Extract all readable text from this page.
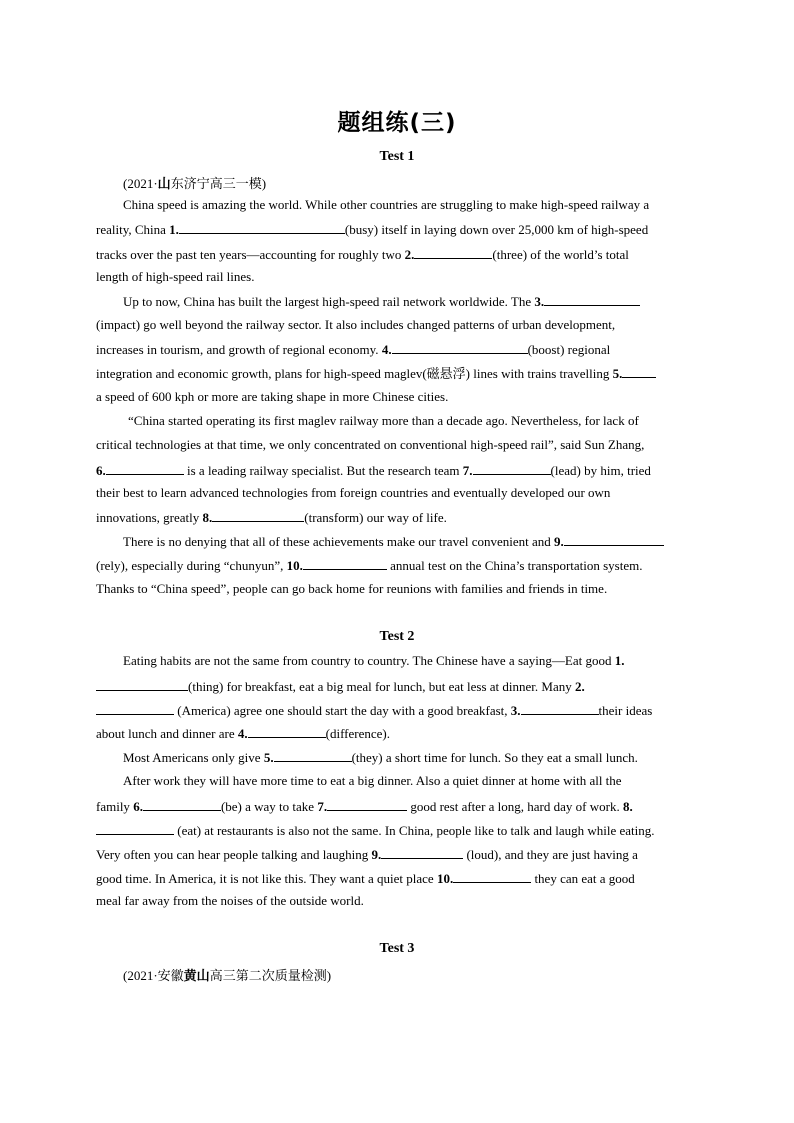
题组练(三)
Test 1
(2021·山东济宁高三一模)
China speed is amazing the world. While other countries are struggling to make high-speed railway a
reality, China 1.	(busy) itself in laying down over 25,000 km of high-speed
tracks over the past ten years—accounting for roughly two 2.	(three) of the world’s total
length of high-speed rail lines.
Up to now, China has built the largest high-speed rail network worldwide. The 3.
(impact) go well beyond the railway sector. It also includes changed patterns of urban development,
increases in tourism, and growth of regional economy. 4.	(boost) regional
integration and economic growth, plans for high-speed maglev(磁悬浮) lines with trains travelling 5.
a speed of 600 kph or more are taking shape in more Chinese cities.
“China started operating its first maglev railway more than a decade ago. Nevertheless, for lack of
critical technologies at that time, we only concentrated on conventional high-speed rail”, said Sun Zhang,
6.	is a leading railway specialist. But the research team 7.	(lead) by him, tried
their best to learn advanced technologies from foreign countries and eventually developed our own
innovations, greatly 8.	(transform) our way of life.
There is no denying that all of these achievements make our travel convenient and 9.
(rely), especially during “chunyun”, 10.	annual test on the China’s transportation system.
Thanks to “China speed”, people can go back home for reunions with families and friends in time.
Test 2
Eating habits are not the same from country to country. The Chinese have a saying—Eat good 1.
(thing) for breakfast, eat a big meal for lunch, but eat less at dinner. Many 2.
(America) agree one should start the day with a good breakfast, 3.	their ideas
about lunch and dinner are 4.	(difference).
Most Americans only give 5.	(they) a short time for lunch. So they eat a small lunch.
After work they will have more time to eat a big dinner. Also a quiet dinner at home with all the
family 6.	(be) a way to take 7.	good rest after a long, hard day of work. 8.
(eat) at restaurants is also not the same. In China, people like to talk and laugh while eating.
Very often you can hear people talking and laughing 9.	(loud), and they are just having a
good time. In America, it is not like this. They want a quiet place 10.	they can eat a good
meal far away from the noises of the outside world.
Test 3
(2021·安徽黄山高三第二次质量检测)
